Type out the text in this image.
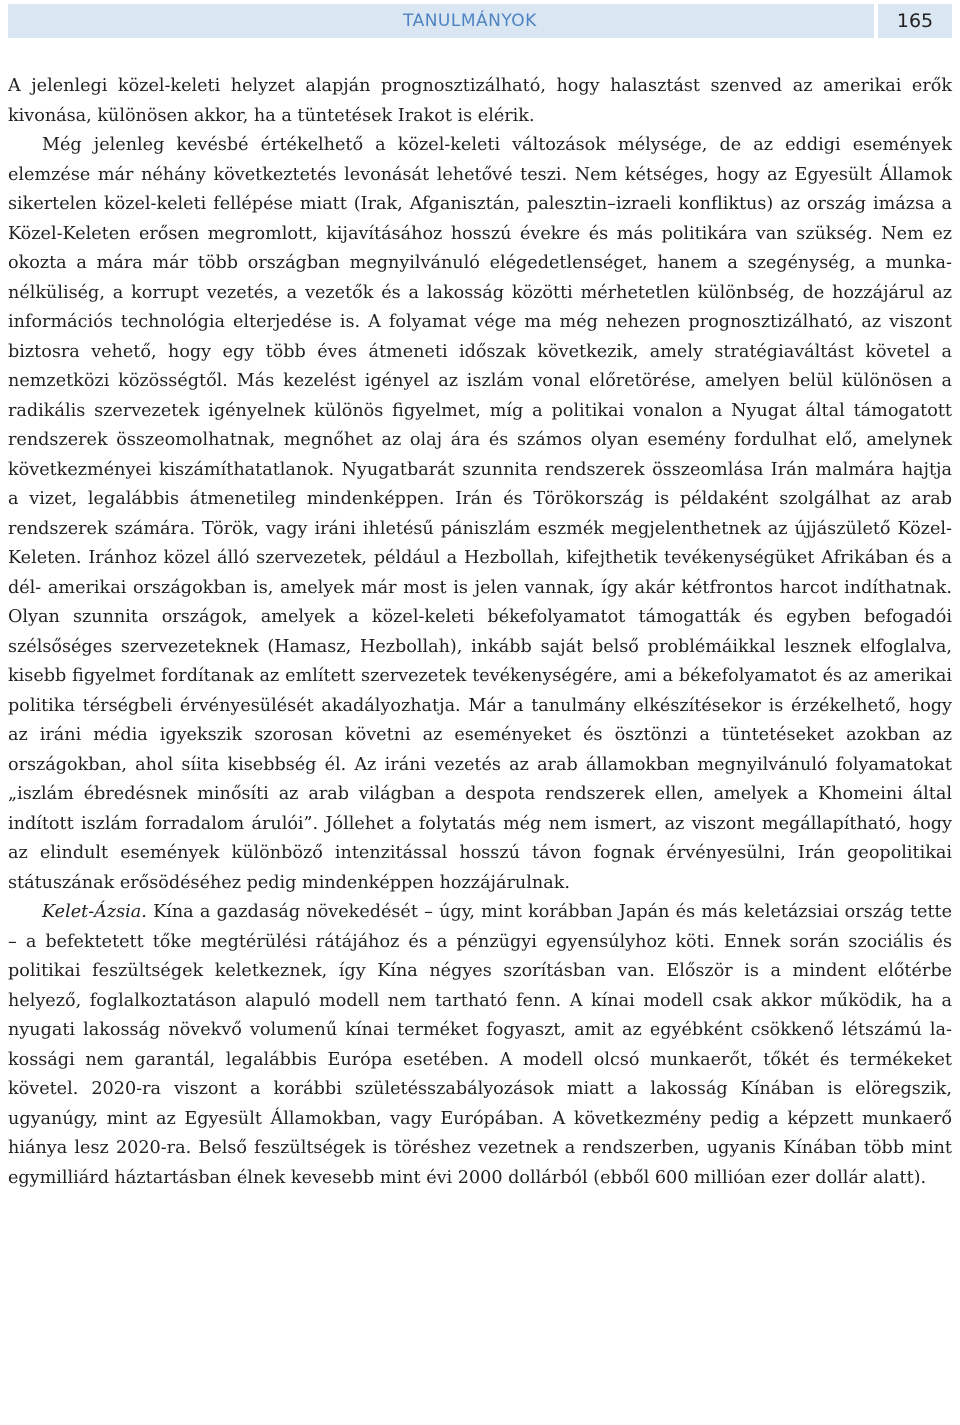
TANULMÁNYOK	165

A jelenlegi közel-keleti helyzet alapján prognosztizálható, hogy halasztást szenved az amerikai erők kivonása, különösen akkor, ha a tüntetések Irakot is elérik.

Még jelenleg kevésbé értékelhető a közel-keleti változások mélysége, de az eddigi események elemzése már néhány következtetés levonását lehetővé teszi. Nem kétséges, hogy az Egyesült Államok sikertelen közel-keleti fellépése miatt (Irak, Afganisztán, palesztin–izraeli konfliktus) az ország imázsa a Közel-Keleten erősen megromlott, kijavításához hosszú évekre és más politikára van szükség. Nem ez okozta a mára már több országban megnyilvánuló elégedetlenséget, hanem a szegénység, a munkanélküliség, a korrupt vezetés, a vezetők és a lakosság közötti mérhetetlen különbség, de hozzájárul az információs technológia elterjedése is. A folyamat vége ma még nehezen prognosztizálható, az viszont biztosra vehető, hogy egy több éves átmeneti időszak következik, amely stratégiaváltást követel a nemzetközi közösségtől. Más kezelést igényel az iszlám vonal előretörése, amelyen belül különösen a radikális szervezetek igényelnek különös figyelmet, míg a politikai vonalon a Nyugat által támogatott rendszerek összeomolhatnak, megnőhet az olaj ára és számos olyan esemény fordulhat elő, amelynek következményei kiszámíthatatlanok. Nyugatbarát szunnita rendszerek összeomlása Irán malmára hajtja a vizet, legalábbis átmenetileg mindenképpen. Irán és Törökország is példaként szolgálhat az arab rendszerek számára. Török, vagy iráni ihletésű pániszlám eszmék megjelenthetnek az újjászülető Közel-Keleten. Iránhoz közel álló szervezetek, például a Hezbollah, kifejthetik tevékenységüket Afrikában és a dél- amerikai országokban is, amelyek már most is jelen vannak, így akár kétfrontos harcot indíthatnak. Olyan szunnita országok, amelyek a közel-keleti békefolyamatot támogatták és egyben befogadói szélsőséges szervezeteknek (Hamasz, Hezbollah), inkább saját belső problémáikkal lesznek elfoglalva, kisebb figyelmet fordítanak az említett szervezetek tevékenységére, ami a békefolyamatot és az amerikai politika térségbeli érvényesülését akadályozhatja. Már a tanulmány elkészítésekor is érzékelhető, hogy az iráni média igyekszik szorosan követni az eseményeket és ösztönzi a tüntetéseket azokban az országokban, ahol síita kisebbség él. Az iráni vezetés az arab államokban megnyilvánuló folyamatokat „iszlám ébredésnek minősíti az arab világban a despota rendszerek ellen, amelyek a Khomeini által indított iszlám forradalom árulói”. Jóllehet a folytatás még nem ismert, az viszont megállapítható, hogy az elindult események különböző intenzitással hosszú távon fognak érvényesülni, Irán geopolitikai státuszának erősödéséhez pedig mindenképpen hozzájárulnak.

Kelet-Ázsia. Kína a gazdaság növekedését – úgy, mint korábban Japán és más keletázsiai ország tette – a befektetett tőke megtérülési rátájához és a pénzügyi egyensúlyhoz köti. Ennek során szociális és politikai feszültségek keletkeznek, így Kína négyes szorításban van. Először is a mindent előtérbe helyező, foglalkoztatáson alapuló modell nem tartható fenn. A kínai modell csak akkor működik, ha a nyugati lakosság növekvő volumenű kínai terméket fogyaszt, amit az egyébként csökkenő létszámú lakossági nem garantál, legalábbis Európa esetében. A modell olcsó munkaerőt, tőkét és termékeket követel. 2020-ra viszont a korábbi születésszabályozások miatt a lakosság Kínában is elöregszik, ugyanúgy, mint az Egyesült Államokban, vagy Európában. A következmény pedig a képzett munkaerő hiánya lesz 2020-ra. Belső feszültségek is töréshez vezetnek a rendszerben, ugyanis Kínában több mint egymilliárd háztartásban élnek kevesebb mint évi 2000 dollárból (ebből 600 millióan ezer dollár alatt).
